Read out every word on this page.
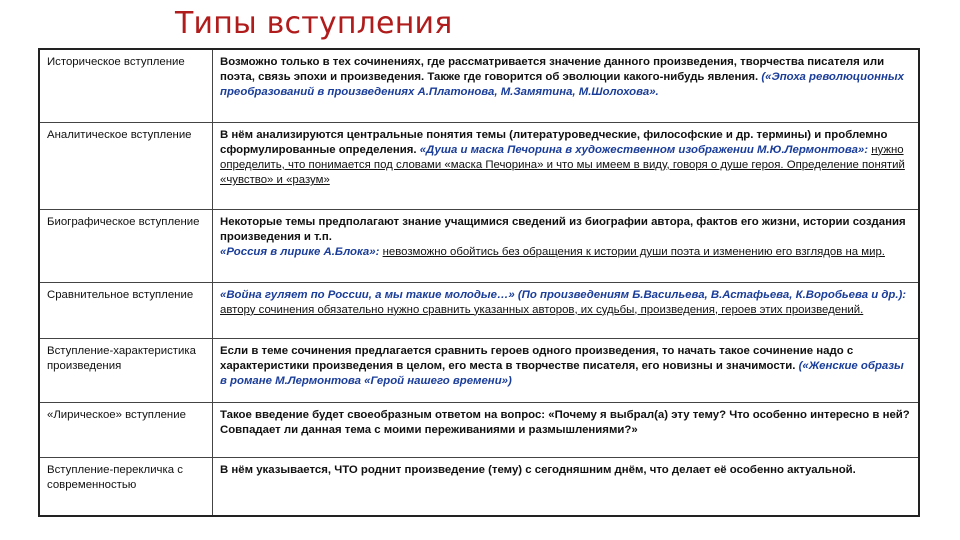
Типы вступления
Историческое вступление	Возможно только в тех сочинениях, где рассматривается значение данного произведения, творчества писателя или поэта, связь эпохи и произведения. Также где говорится об эволюции какого-нибудь явления. («Эпоха революционных преобразований в произведениях А.Платонова, М.Замятина, М.Шолохова».
Аналитическое вступление	В нём анализируются центральные понятия темы (литературоведческие, философские и др. термины) и проблемно сформулированные определения. «Душа и маска Печорина в художественном изображении М.Ю.Лермонтова»: нужно определить, что понимается под словами «маска Печорина» и что мы имеем в виду, говоря о душе героя. Определение понятий «чувство» и «разум»
Биографическое вступление	Некоторые темы предполагают знание учащимися сведений из биографии автора, фактов его жизни, истории создания произведения и т.п.
«Россия в лирике А.Блока»: невозможно обойтись без обращения к истории души поэта и изменению его взглядов на мир.
Сравнительное вступление	«Война гуляет по России, а мы такие молодые…» (По произведениям Б.Васильева, В.Астафьева, К.Воробьева и др.): автору сочинения обязательно нужно сравнить указанных авторов, их судьбы, произведения, героев этих произведений.
Вступление-характеристика произведения	Если в теме сочинения предлагается сравнить героев одного произведения, то начать такое сочинение надо с характеристики произведения в целом, его места в творчестве писателя, его новизны и значимости. («Женские образы в романе М.Лермонтова «Герой нашего времени»)
«Лирическое» вступление	Такое введение будет своеобразным ответом на вопрос: «Почему я выбрал(а) эту тему? Что особенно интересно в ней? Совпадает ли данная тема с моими переживаниями и размышлениями?»
Вступление-перекличка с современностью	В нём указывается, ЧТО роднит произведение (тему) с сегодняшним днём, что делает её особенно актуальной.
